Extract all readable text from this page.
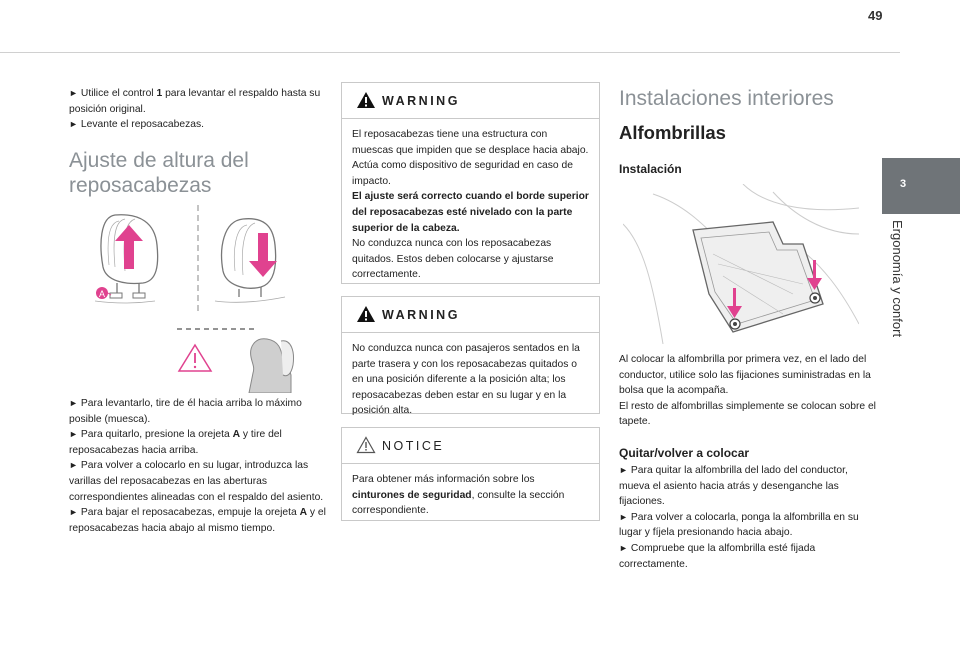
49
3
Ergonomía y confort

► Utilice el control 1 para levantar el respaldo hasta su posición original.

► Levante el reposacabezas.

Ajuste de altura del reposacabezas
A

► Para levantarlo, tire de él hacia arriba lo máximo posible (muesca).

► Para quitarlo, presione la orejeta A y tire del reposacabezas hacia arriba.

► Para volver a colocarlo en su lugar, introduzca las varillas del reposacabezas en las aberturas correspondientes alineadas con el respaldo del asiento.

► Para bajar el reposacabezas, empuje la orejeta A y el reposacabezas hacia abajo al mismo tiempo.

WARNING

El reposacabezas tiene una estructura con muescas que impiden que se desplace hacia abajo. Actúa como dispositivo de seguridad en caso de impacto.

El ajuste será correcto cuando el borde superior del reposacabezas esté nivelado con la parte superior de la cabeza.

No conduzca nunca con los reposacabezas quitados. Estos deben colocarse y ajustarse correctamente.

WARNING

No conduzca nunca con pasajeros sentados en la parte trasera y con los reposacabezas quitados o en una posición diferente a la posición alta; los reposacabezas deben estar en su lugar y en la posición alta.

NOTICE

Para obtener más información sobre los cinturones de seguridad, consulte la sección correspondiente.

Instalaciones interiores
Alfombrillas
Instalación

Al colocar la alfombrilla por primera vez, en el lado del conductor, utilice solo las fijaciones suministradas en la bolsa que la acompaña.

El resto de alfombrillas simplemente se colocan sobre el tapete.

Quitar/volver a colocar

► Para quitar la alfombrilla del lado del conductor, mueva el asiento hacia atrás y desenganche las fijaciones.

► Para volver a colocarla, ponga la alfombrilla en su lugar y fíjela presionando hacia abajo.

► Compruebe que la alfombrilla esté fijada correctamente.
